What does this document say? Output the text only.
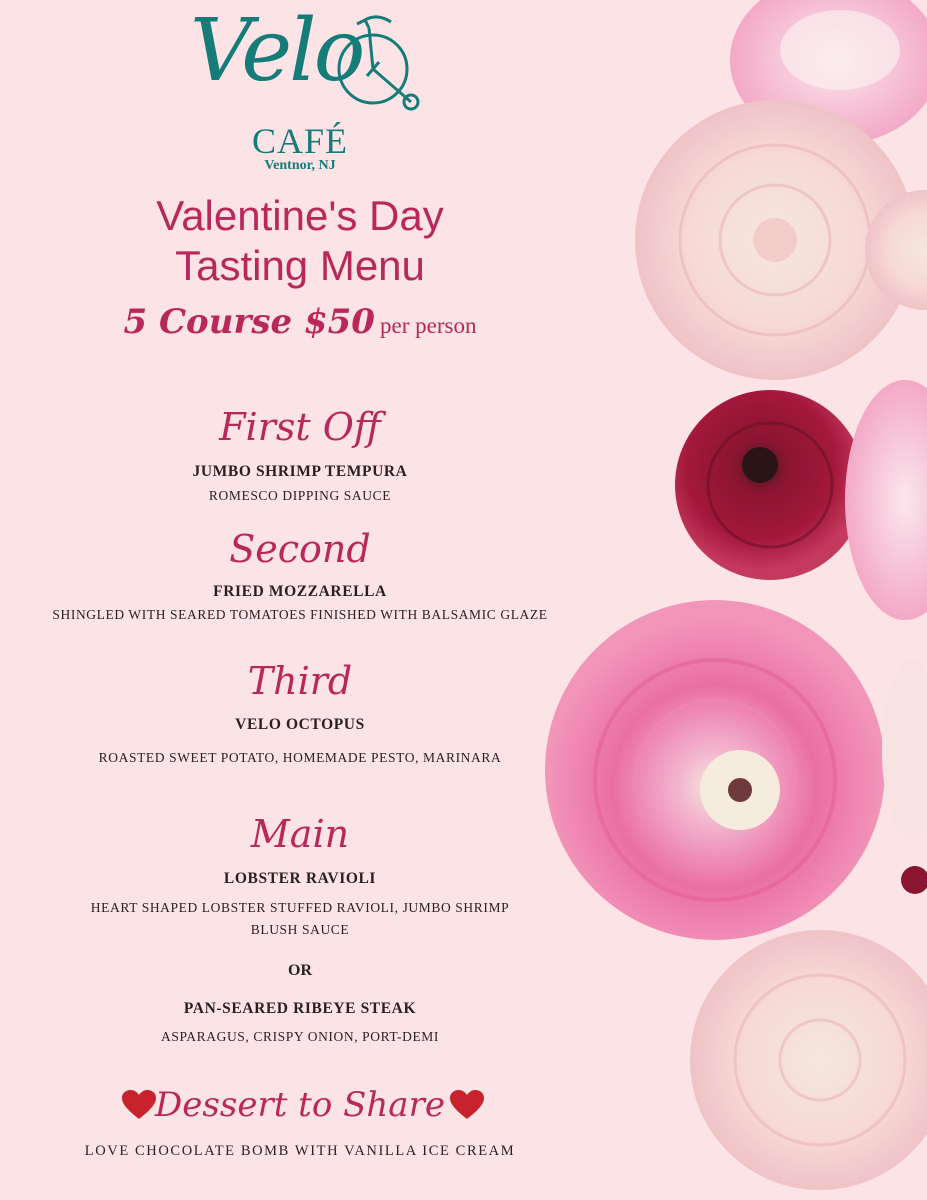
Velo
CAFÉ
Ventnor, NJ
Valentine's Day
Tasting Menu
5 Course $50 per person
First Off
JUMBO SHRIMP TEMPURA
ROMESCO DIPPING SAUCE
Second
FRIED MOZZARELLA
SHINGLED WITH SEARED TOMATOES FINISHED WITH BALSAMIC GLAZE
Third
VELO OCTOPUS
ROASTED SWEET POTATO, HOMEMADE PESTO, MARINARA
Main
LOBSTER RAVIOLI
HEART SHAPED LOBSTER STUFFED RAVIOLI, JUMBO SHRIMP
BLUSH SAUCE
OR
PAN-SEARED RIBEYE STEAK
ASPARAGUS, CRISPY ONION, PORT-DEMI
Dessert to Share
LOVE CHOCOLATE BOMB WITH VANILLA ICE CREAM
